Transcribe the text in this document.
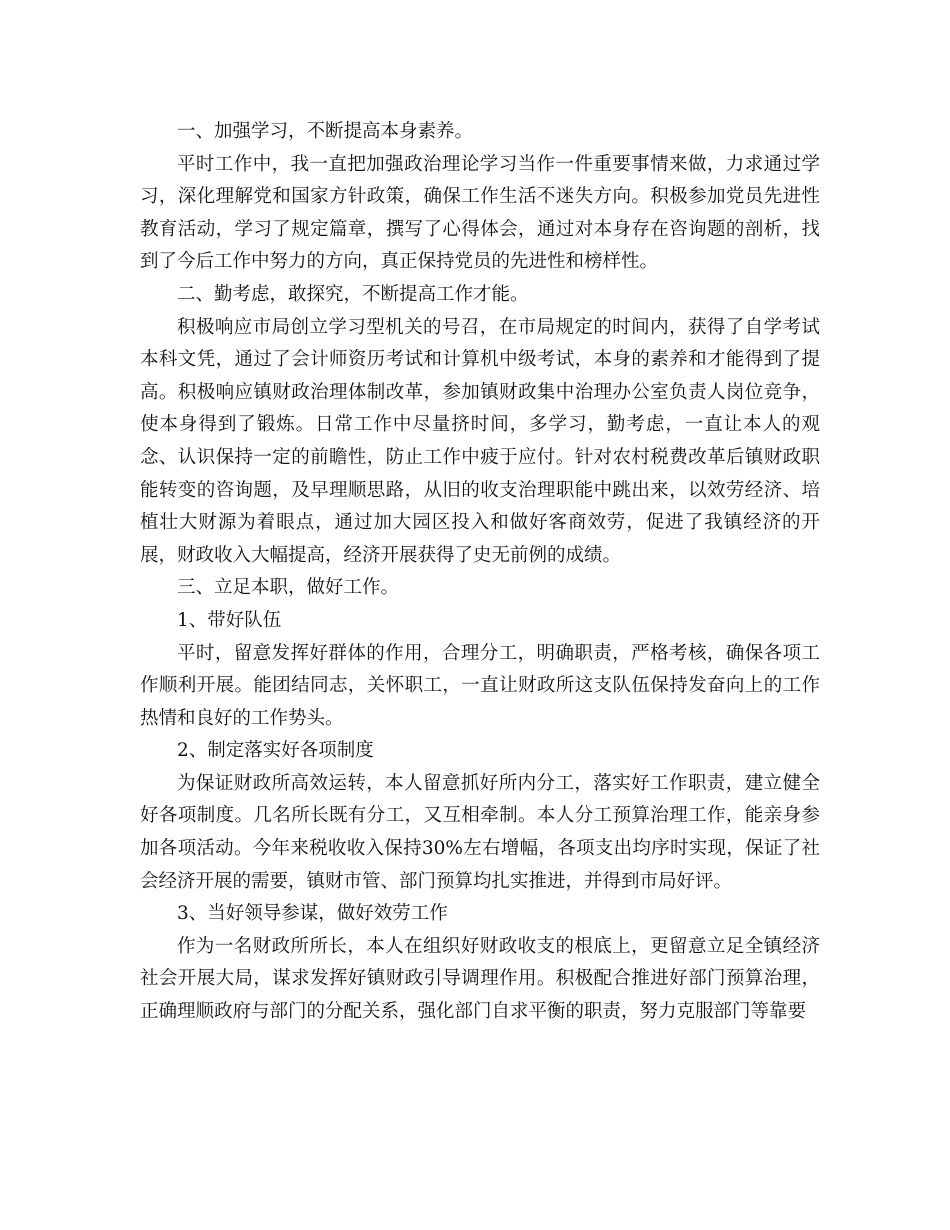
一、加强学习，不断提高本身素养。

平时工作中，我一直把加强政治理论学习当作一件重要事情来做，力求通过学习，深化理解党和国家方针政策，确保工作生活不迷失方向。积极参加党员先进性教育活动，学习了规定篇章，撰写了心得体会，通过对本身存在咨询题的剖析，找到了今后工作中努力的方向，真正保持党员的先进性和榜样性。

二、勤考虑，敢探究，不断提高工作才能。

积极响应市局创立学习型机关的号召，在市局规定的时间内，获得了自学考试本科文凭，通过了会计师资历考试和计算机中级考试，本身的素养和才能得到了提高。积极响应镇财政治理体制改革，参加镇财政集中治理办公室负责人岗位竞争，使本身得到了锻炼。日常工作中尽量挤时间，多学习，勤考虑，一直让本人的观念、认识保持一定的前瞻性，防止工作中疲于应付。针对农村税费改革后镇财政职能转变的咨询题，及早理顺思路，从旧的收支治理职能中跳出来，以效劳经济、培植壮大财源为着眼点，通过加大园区投入和做好客商效劳，促进了我镇经济的开展，财政收入大幅提高，经济开展获得了史无前例的成绩。

三、立足本职，做好工作。

1、带好队伍

平时，留意发挥好群体的作用，合理分工，明确职责，严格考核，确保各项工作顺利开展。能团结同志，关怀职工，一直让财政所这支队伍保持发奋向上的工作热情和良好的工作势头。

2、制定落实好各项制度

为保证财政所高效运转，本人留意抓好所内分工，落实好工作职责，建立健全好各项制度。几名所长既有分工，又互相牵制。本人分工预算治理工作，能亲身参加各项活动。今年来税收收入保持30%左右增幅，各项支出均序时实现，保证了社会经济开展的需要，镇财市管、部门预算均扎实推进，并得到市局好评。

3、当好领导参谋，做好效劳工作

作为一名财政所所长，本人在组织好财政收支的根底上，更留意立足全镇经济社会开展大局，谋求发挥好镇财政引导调理作用。积极配合推进好部门预算治理，正确理顺政府与部门的分配关系，强化部门自求平衡的职责，努力克服部门等靠要
